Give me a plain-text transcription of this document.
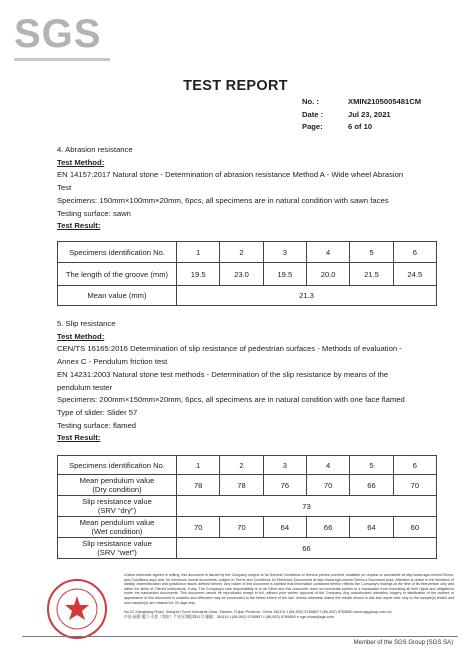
SGS
TEST REPORT
No. :	XMIN2105005481CM
Date :	Jul 23, 2021
Page:	6 of 10
4. Abrasion resistance
Test Method:
EN 14157:2017 Natural stone - Determination of abrasion resistance Method A - Wide wheel Abrasion
Test
Specimens: 150mm×100mm×20mm, 6pcs, all specimens are in natural condition with sawn faces
Testing surface: sawn
Test Result:
Specimens identification No.	1	2	3	4	5	6
The length of the groove (mm)	19.5	23.0	19.5	20.0	21.5	24.5
Mean value (mm)	21.3					
5. Slip resistance
Test Method:
CEN/TS 16165:2016 Determination of slip resistance of pedestrian surfaces - Methods of evaluation -
Annex C - Pendulum friction test
EN 14231:2003 Natural stone test methods - Determination of the slip resistance by means of the
pendulum tester
Specimens: 200mm×150mm×20mm, 6pcs, all specimens are in natural condition with one face flamed
Type of slider: Slider 57
Testing surface: flamed
Test Result:
Specimens identification No.	1	2	3	4	5	6

Mean pendulum value
(Dry condition)	78	78	76	70	66	70

Slip resistance value
(SRV “dry”)	73					

Mean pendulum value
(Wet condition)	70	70	64	66	64	60

Slip resistance value
(SRV “wet”)	66					
Unless otherwise agreed in writing, this document is issued by the Company subject to its General Conditions of Service printed overleaf, available on request or accessible at http://www.sgs.com/en/Terms-and-Conditions.aspx and, for electronic format documents, subject to Terms and Conditions for Electronic Documents at http://www.sgs.com/en/Terms-e-Document.aspx. Attention is drawn to the limitation of liability, indemnification and jurisdiction issues defined therein. Any holder of this document is advised that information contained hereon reflects the Company's findings at the time of its intervention only and within the limits of Client's instructions, if any. The Company's sole responsibility is to its Client and this document does not exonerate parties to a transaction from exercising all their rights and obligations under the transaction documents. This document cannot be reproduced except in full, without prior written approval of the Company. Any unauthorized alteration, forgery or falsification of the content or appearance of this document is unlawful and offenders may be prosecuted to the fullest extent of the law. Unless otherwise stated the results shown in this test report refer only to the sample(s) tested and such sample(s) are retained for 30 days only.
No.31 Xianghong Road, Xiang'An Torch Industrial Zone, Xiamen, Fujian Province, China 361101 t (86-592) 5765857 f (86-592) 5765860 www.sgsgroup.com.cn
中国·福建·厦门·火炬（翔安）产业区翔虹路31号 邮编：361101 t (86-592) 5765857 f (86-592) 5765860 e sgs.china@sgs.com
Member of the SGS Group (SGS SA)
